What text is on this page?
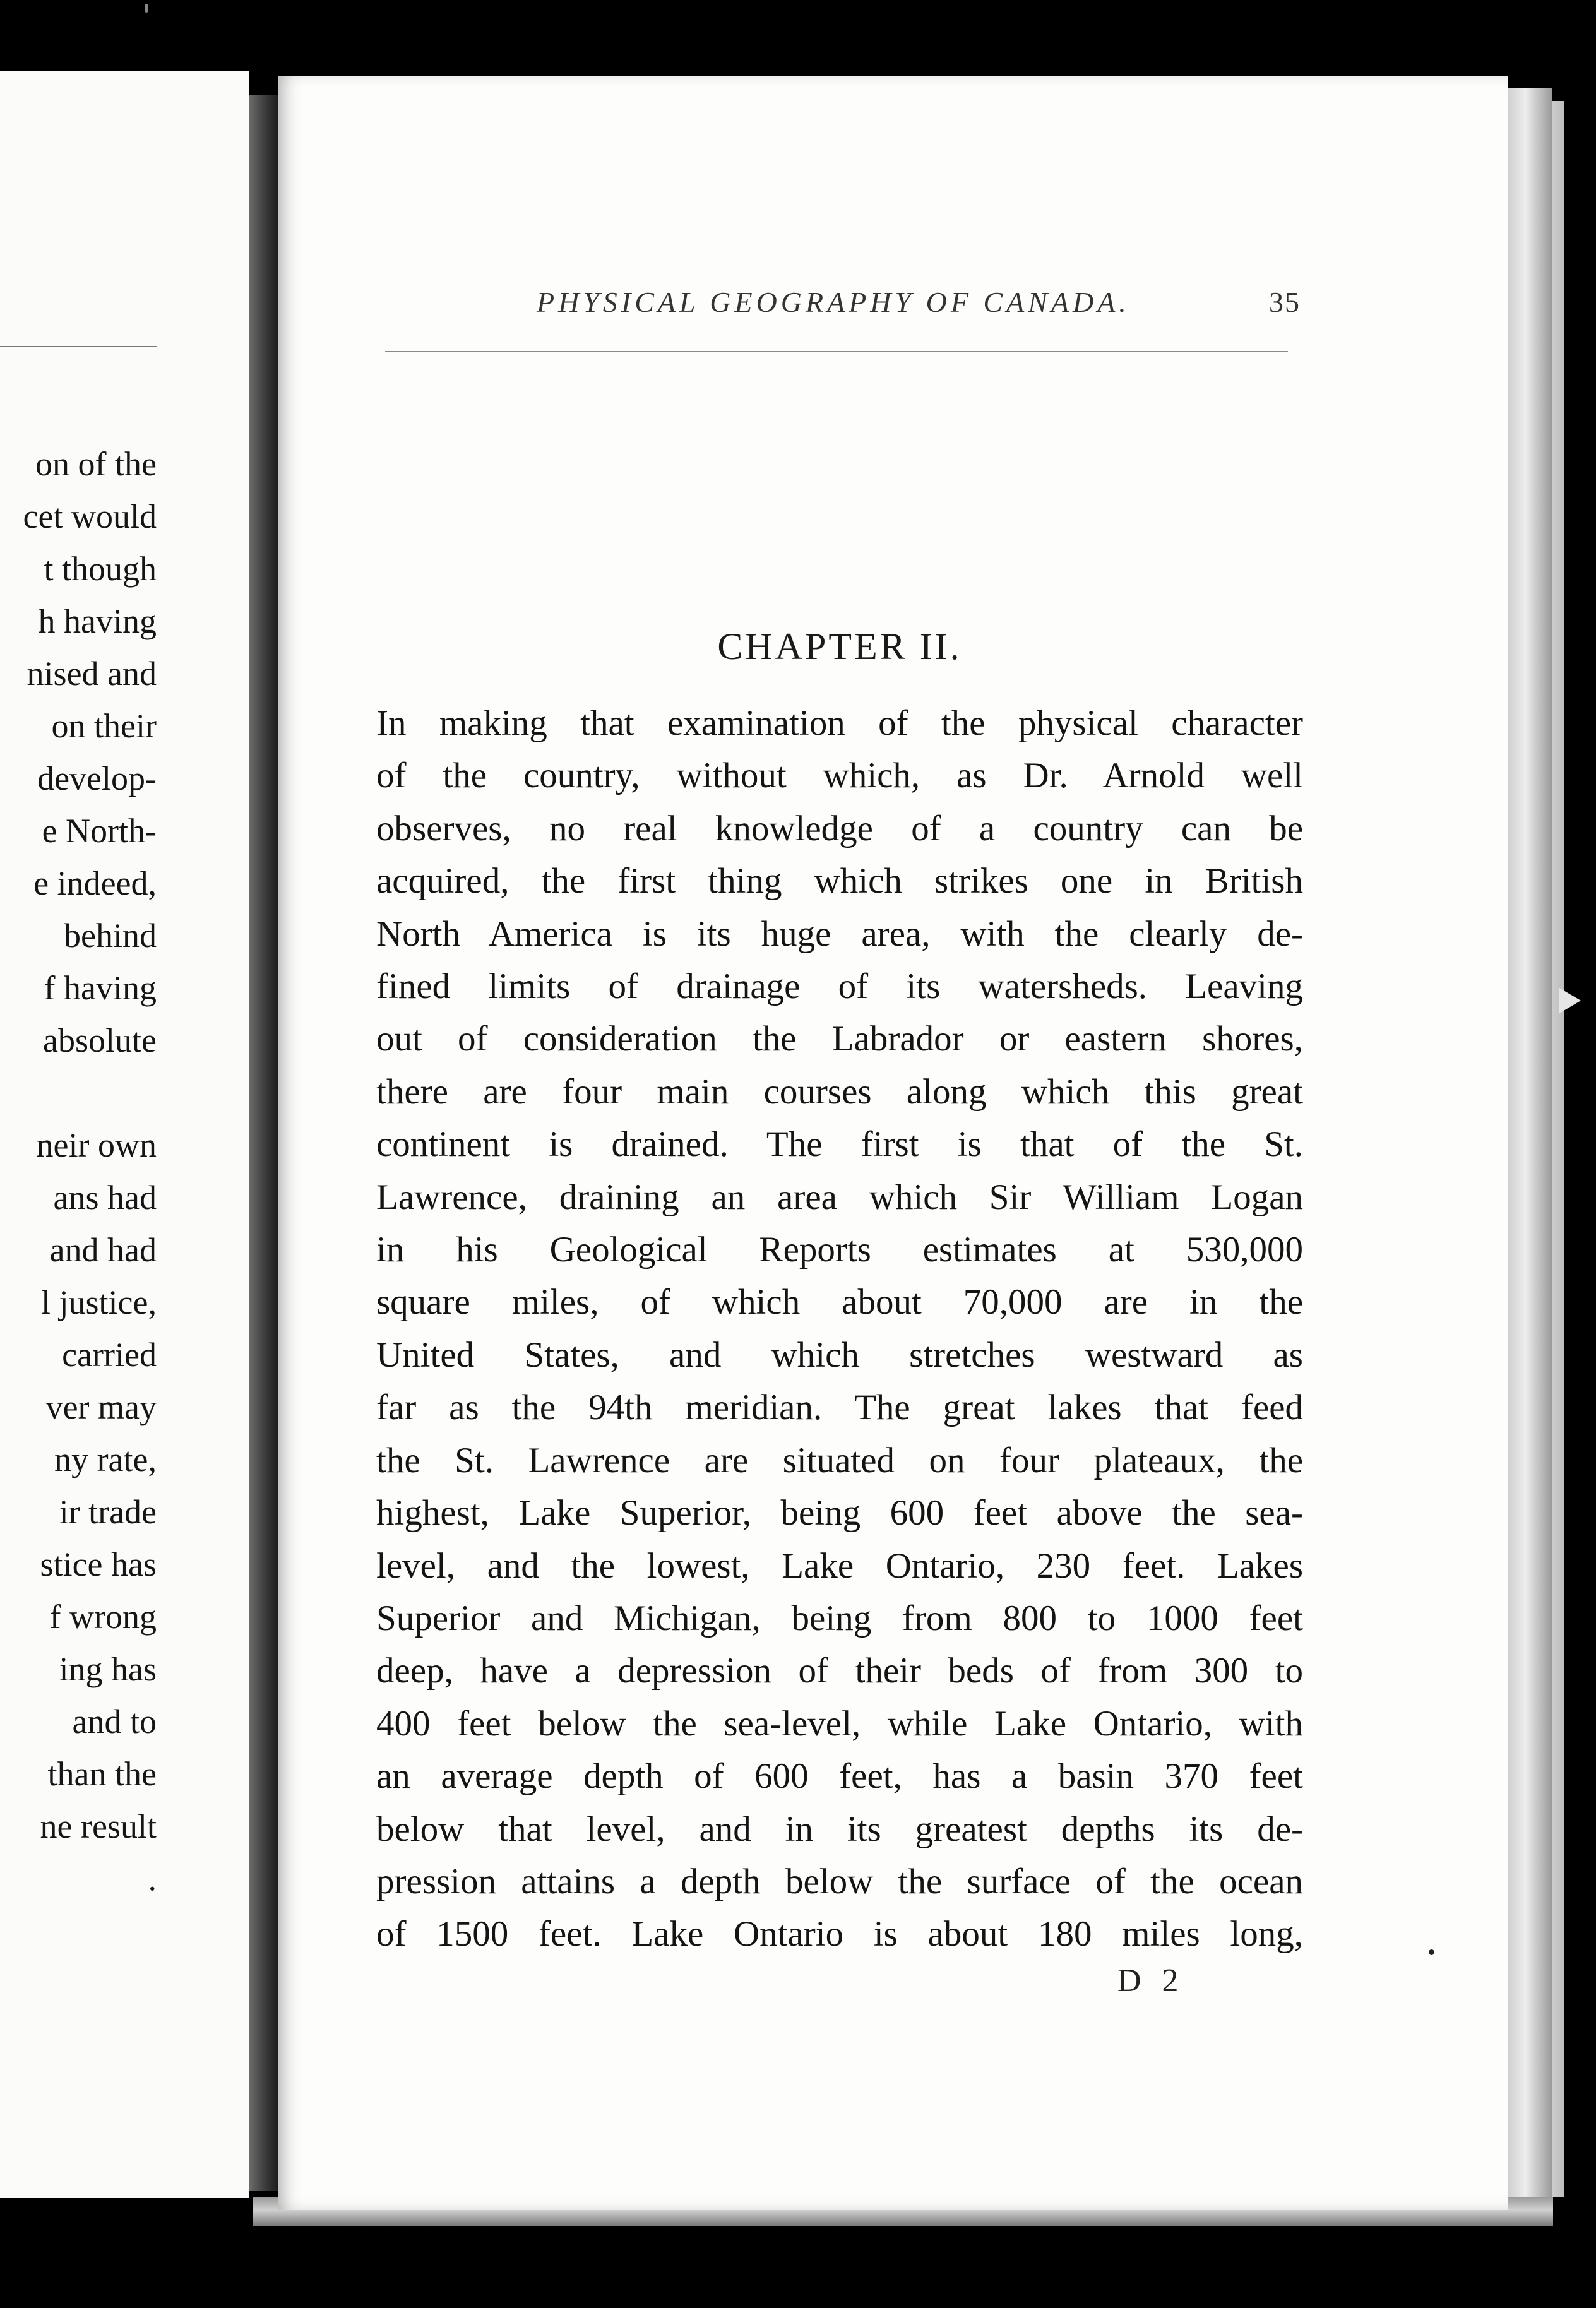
on of the
cet would
t though
h having
nised and
on their
develop-
e North-
e indeed,
behind
f having
absolute
neir own
ans had
and had
l justice,
carried
ver may
ny rate,
ir trade
stice has
f wrong
ing has
and to
than the
ne result
.
PHYSICAL GEOGRAPHY OF CANADA.	35
CHAPTER II.
In making that examination of the physical character
of the country, without which, as Dr. Arnold well
observes, no real knowledge of a country can be
acquired, the first thing which strikes one in British
North America is its huge area, with the clearly de-
fined limits of drainage of its watersheds. Leaving
out of consideration the Labrador or eastern shores,
there are four main courses along which this great
continent is drained. The first is that of the St.
Lawrence, draining an area which Sir William Logan
in his Geological Reports estimates at 530,000
square miles, of which about 70,000 are in the
United States, and which stretches westward as
far as the 94th meridian. The great lakes that feed
the St. Lawrence are situated on four plateaux, the
highest, Lake Superior, being 600 feet above the sea-
level, and the lowest, Lake Ontario, 230 feet. Lakes
Superior and Michigan, being from 800 to 1000 feet
deep, have a depression of their beds of from 300 to
400 feet below the sea-level, while Lake Ontario, with
an average depth of 600 feet, has a basin 370 feet
below that level, and in its greatest depths its de-
pression attains a depth below the surface of the ocean
of 1500 feet. Lake Ontario is about 180 miles long,
D 2
